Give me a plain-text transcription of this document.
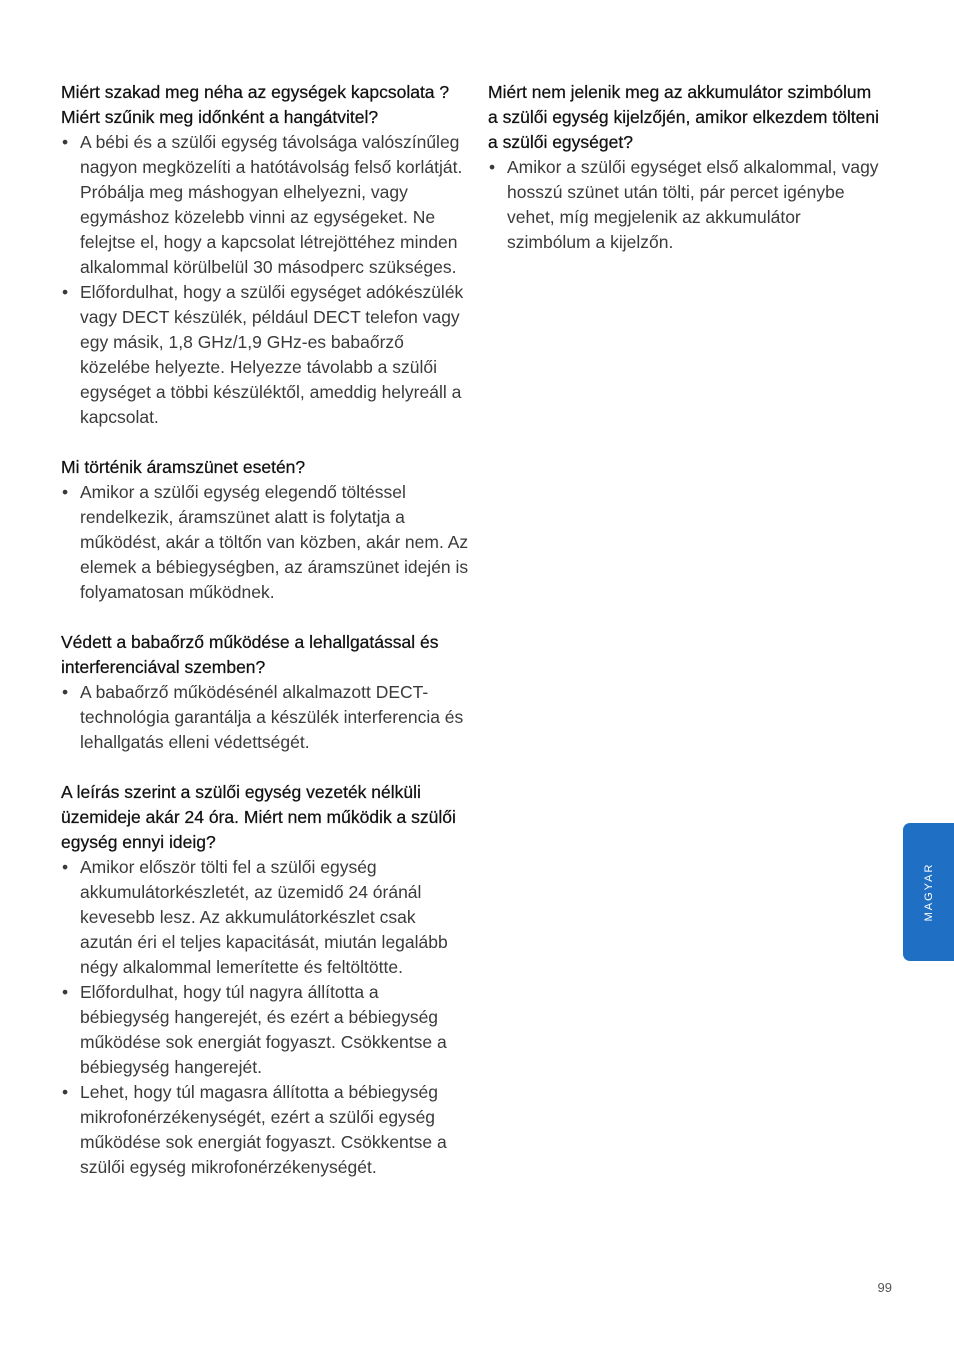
Miért szakad meg néha az egységek kapcsolata ? Miért szűnik meg időnként a hangátvitel?

• A bébi és a szülői egység távolsága valószínűleg nagyon megközelíti a hatótávolság felső korlátját. Próbálja meg máshogyan elhelyezni, vagy egymáshoz közelebb vinni az egységeket. Ne felejtse el, hogy a kapcsolat létrejöttéhez minden alkalommal körülbelül 30 másodperc szükséges.
• Előfordulhat, hogy a szülői egységet adókészülék vagy DECT készülék, például DECT telefon vagy egy másik, 1,8 GHz/1,9 GHz-es babaőrző közelébe helyezte. Helyezze távolabb a szülői egységet a többi készüléktől, ameddig helyreáll a kapcsolat.

Mi történik áramszünet esetén?

• Amikor a szülői egység elegendő töltéssel rendelkezik, áramszünet alatt is folytatja a működést, akár a töltőn van közben, akár nem. Az elemek a bébiegységben, az áramszünet idején is folyamatosan működnek.

Védett a babaőrző működése a lehallgatással és interferenciával szemben?

• A babaőrző működésénél alkalmazott DECT-technológia garantálja a készülék interferencia és lehallgatás elleni védettségét.

A leírás szerint a szülői egység vezeték nélküli üzemideje akár 24 óra. Miért nem működik a szülői egység ennyi ideig?

• Amikor először tölti fel a szülői egység akkumulátorkészletét, az üzemidő 24 óránál kevesebb lesz. Az akkumulátorkészlet csak azután éri el teljes kapacitását, miután legalább négy alkalommal lemerítette és feltöltötte.
• Előfordulhat, hogy túl nagyra állította a bébiegység hangerejét, és ezért a bébiegység működése sok energiát fogyaszt. Csökkentse a bébiegység hangerejét.
• Lehet, hogy túl magasra állította a bébiegység mikrofonérzékenységét, ezért a szülői egység működése sok energiát fogyaszt. Csökkentse a szülői egység mikrofonérzékenységét.

Miért nem jelenik meg az akkumulátor szimbólum a szülői egység kijelzőjén, amikor elkezdem tölteni a szülői egységet?

• Amikor a szülői egységet első alkalommal, vagy hosszú szünet után tölti, pár percet igénybe vehet, míg megjelenik az akkumulátor szimbólum a kijelzőn.
MAGYAR
99
